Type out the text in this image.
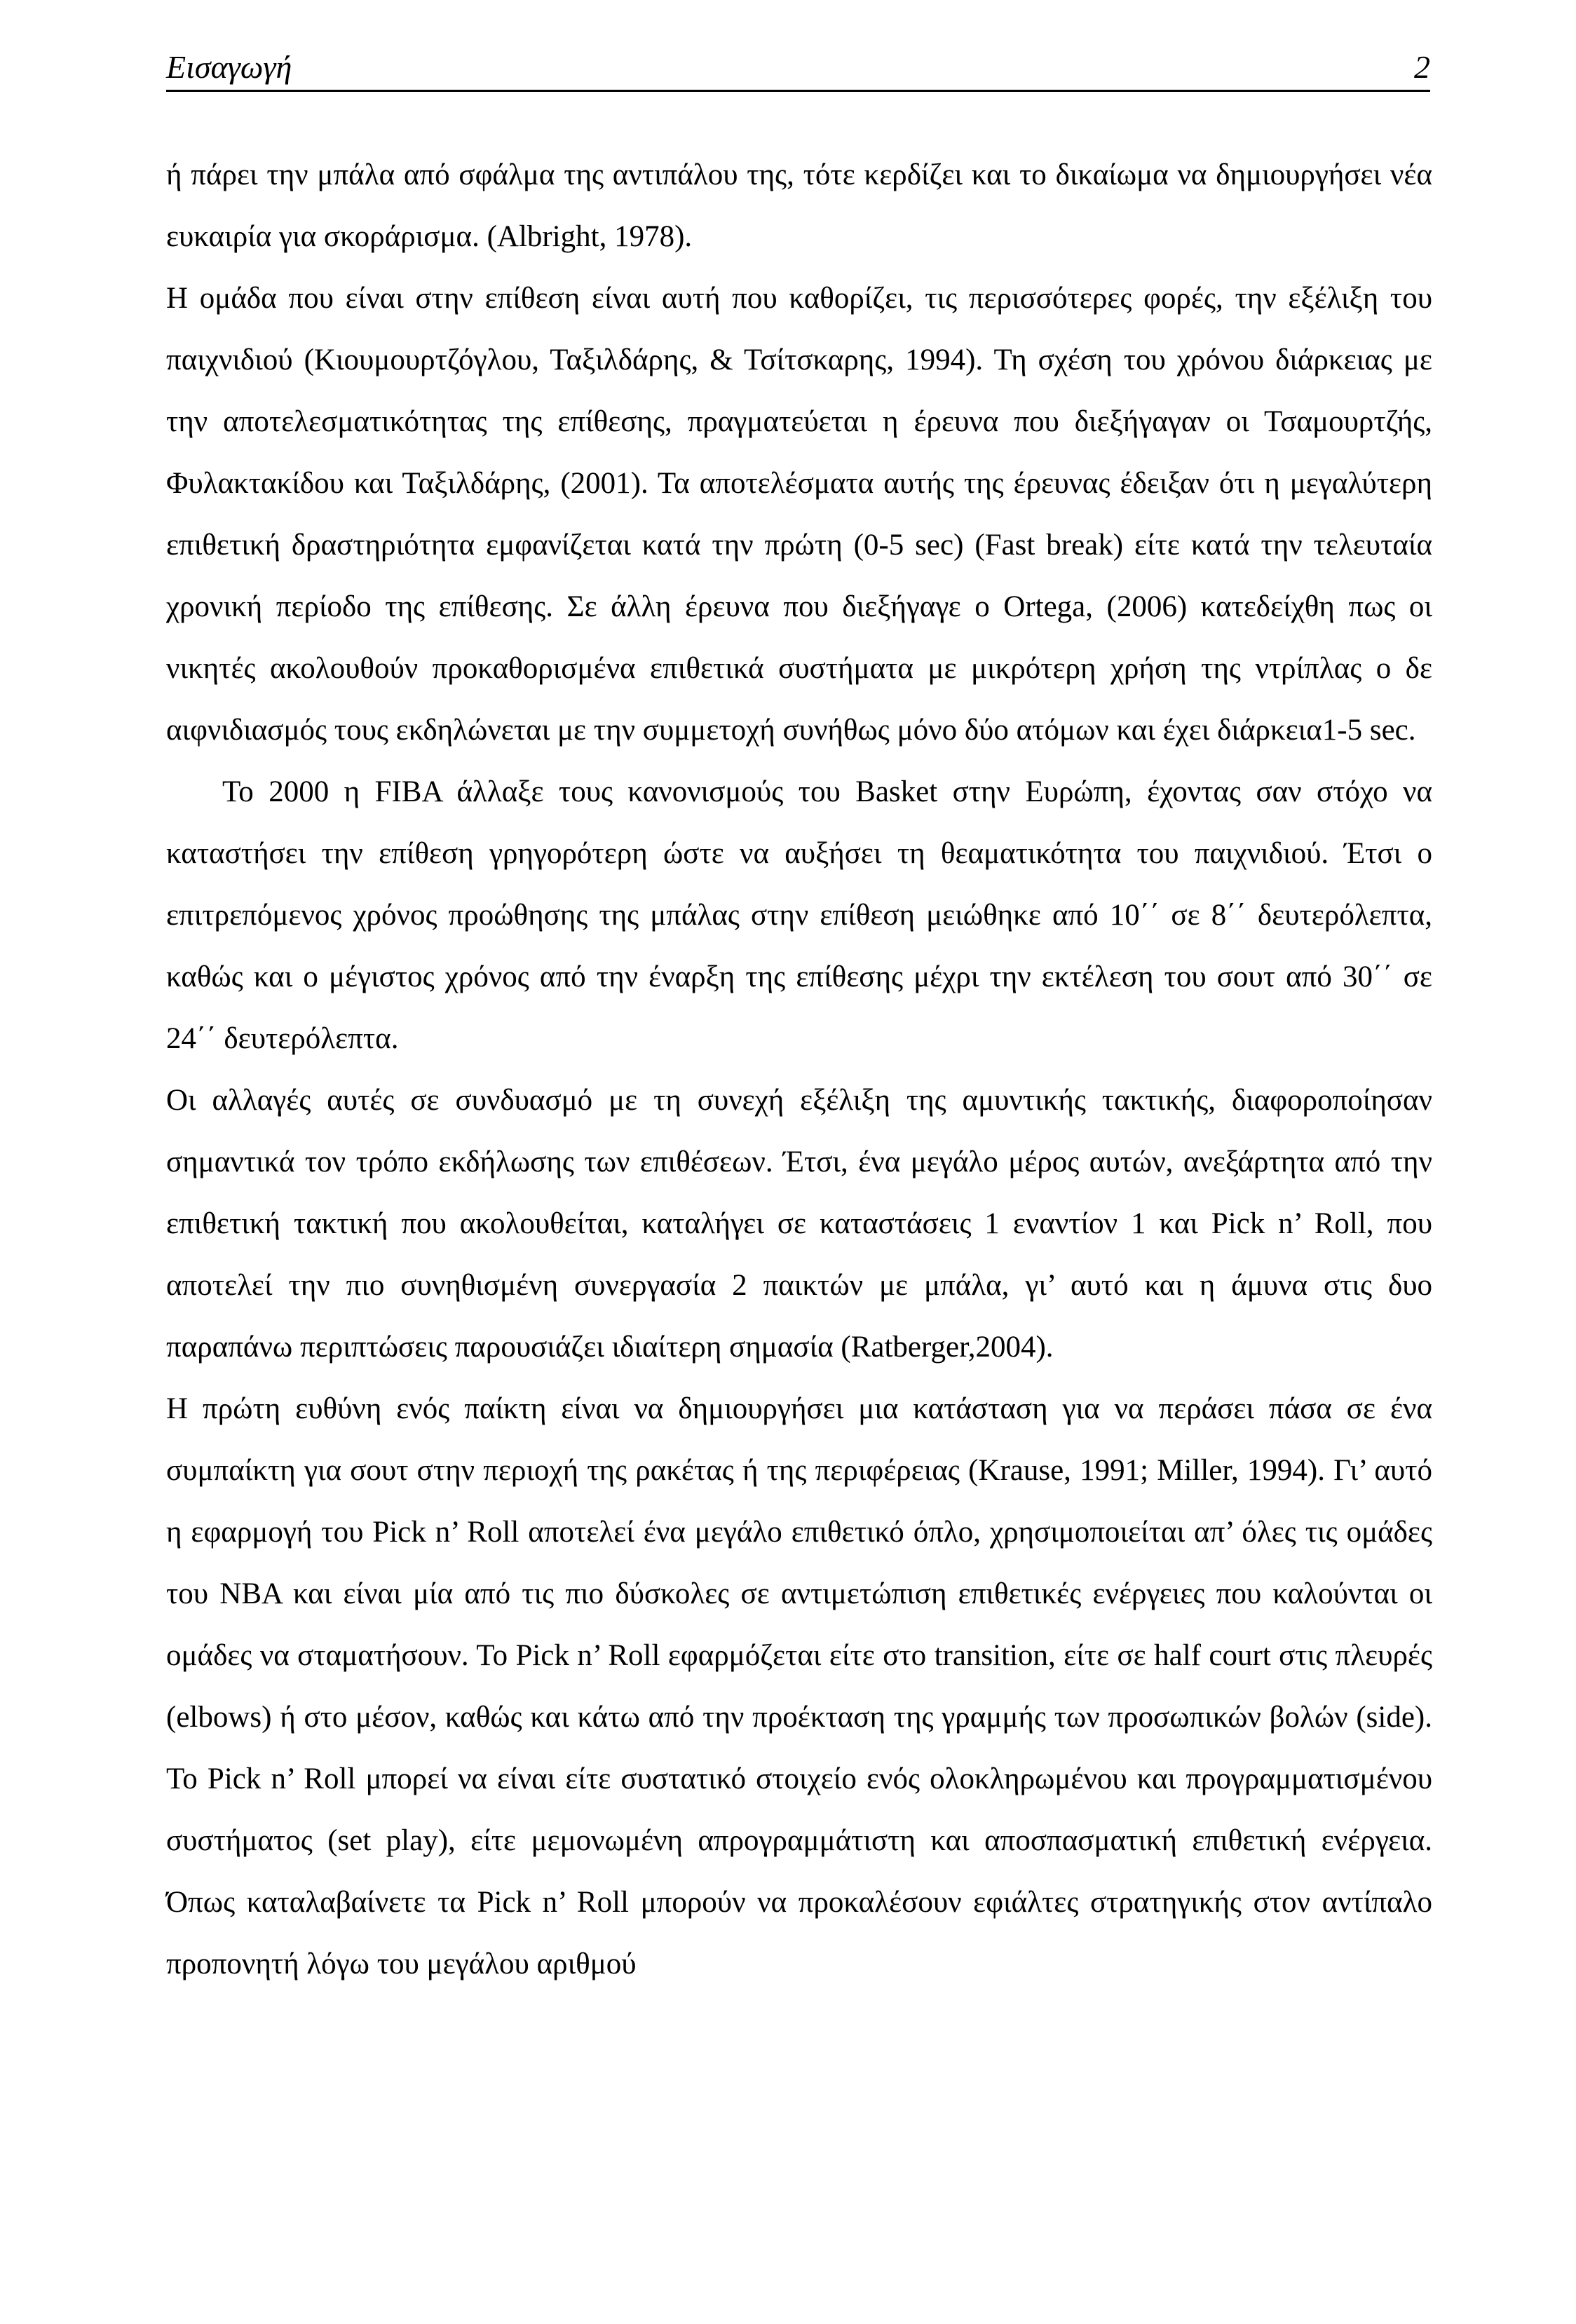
Εισαγωγή	2

ή πάρει την μπάλα από σφάλμα της αντιπάλου της, τότε κερδίζει και το δικαίωμα να δημιουργήσει νέα ευκαιρία για σκοράρισμα. (Albright, 1978).

Η ομάδα που είναι στην επίθεση είναι αυτή που καθορίζει, τις περισσότερες φορές, την εξέλιξη του παιχνιδιού (Κιουμουρτζόγλου, Ταξιλδάρης, & Τσίτσκαρης, 1994). Τη σχέση του χρόνου διάρκειας με την αποτελεσματικότητας της επίθεσης, πραγματεύεται η έρευνα που διεξήγαγαν οι Τσαμουρτζής, Φυλακτακίδου και Ταξιλδάρης, (2001). Τα αποτελέσματα αυτής της έρευνας έδειξαν ότι η μεγαλύτερη επιθετική δραστηριότητα εμφανίζεται κατά την πρώτη (0-5 sec) (Fast break) είτε κατά την τελευταία χρονική περίοδο της επίθεσης. Σε άλλη έρευνα που διεξήγαγε ο Ortega, (2006) κατεδείχθη πως οι νικητές ακολουθούν προκαθορισμένα επιθετικά συστήματα με μικρότερη χρήση της ντρίπλας ο δε αιφνιδιασμός τους εκδηλώνεται με την συμμετοχή συνήθως μόνο δύο ατόμων και έχει διάρκεια1-5 sec.

Το 2000 η FIBA άλλαξε τους κανονισμούς του Basket στην Ευρώπη, έχοντας σαν στόχο να καταστήσει την επίθεση γρηγορότερη ώστε να αυξήσει τη θεαματικότητα του παιχνιδιού. Έτσι ο επιτρεπόμενος χρόνος προώθησης της μπάλας στην επίθεση μειώθηκε από 10΄΄ σε 8΄΄ δευτερόλεπτα, καθώς και ο μέγιστος χρόνος από την έναρξη της επίθεσης μέχρι την εκτέλεση του σουτ από 30΄΄ σε 24΄΄ δευτερόλεπτα.

Οι αλλαγές αυτές σε συνδυασμό με τη συνεχή εξέλιξη της αμυντικής τακτικής, διαφοροποίησαν σημαντικά τον τρόπο εκδήλωσης των επιθέσεων. Έτσι, ένα μεγάλο μέρος αυτών, ανεξάρτητα από την επιθετική τακτική που ακολουθείται, καταλήγει σε καταστάσεις 1 εναντίον 1 και Pick n’ Roll, που αποτελεί την πιο συνηθισμένη συνεργασία 2 παικτών με μπάλα, γι’ αυτό και η άμυνα στις δυο παραπάνω περιπτώσεις παρουσιάζει ιδιαίτερη σημασία (Ratberger,2004).

Η πρώτη ευθύνη ενός παίκτη είναι να δημιουργήσει μια κατάσταση για να περάσει πάσα σε ένα συμπαίκτη για σουτ στην περιοχή της ρακέτας ή της περιφέρειας (Krause, 1991; Miller, 1994). Γι’ αυτό η εφαρμογή του Pick n’ Roll αποτελεί ένα μεγάλο επιθετικό όπλο, χρησιμοποιείται απ’ όλες τις ομάδες του NBA και είναι μία από τις πιο δύσκολες σε αντιμετώπιση επιθετικές ενέργειες που καλούνται οι ομάδες να σταματήσουν. Το Pick n’ Roll εφαρμόζεται είτε στο transition, είτε σε half court στις πλευρές (elbows) ή στο μέσον, καθώς και κάτω από την προέκταση της γραμμής των προσωπικών βολών (side). Το Pick n’ Roll μπορεί να είναι είτε συστατικό στοιχείο ενός ολοκληρωμένου και προγραμματισμένου συστήματος (set play), είτε μεμονωμένη απρογραμμάτιστη και αποσπασματική επιθετική ενέργεια. Όπως καταλαβαίνετε τα Pick n’ Roll μπορούν να προκαλέσουν εφιάλτες στρατηγικής στον αντίπαλο προπονητή λόγω του μεγάλου αριθμού
